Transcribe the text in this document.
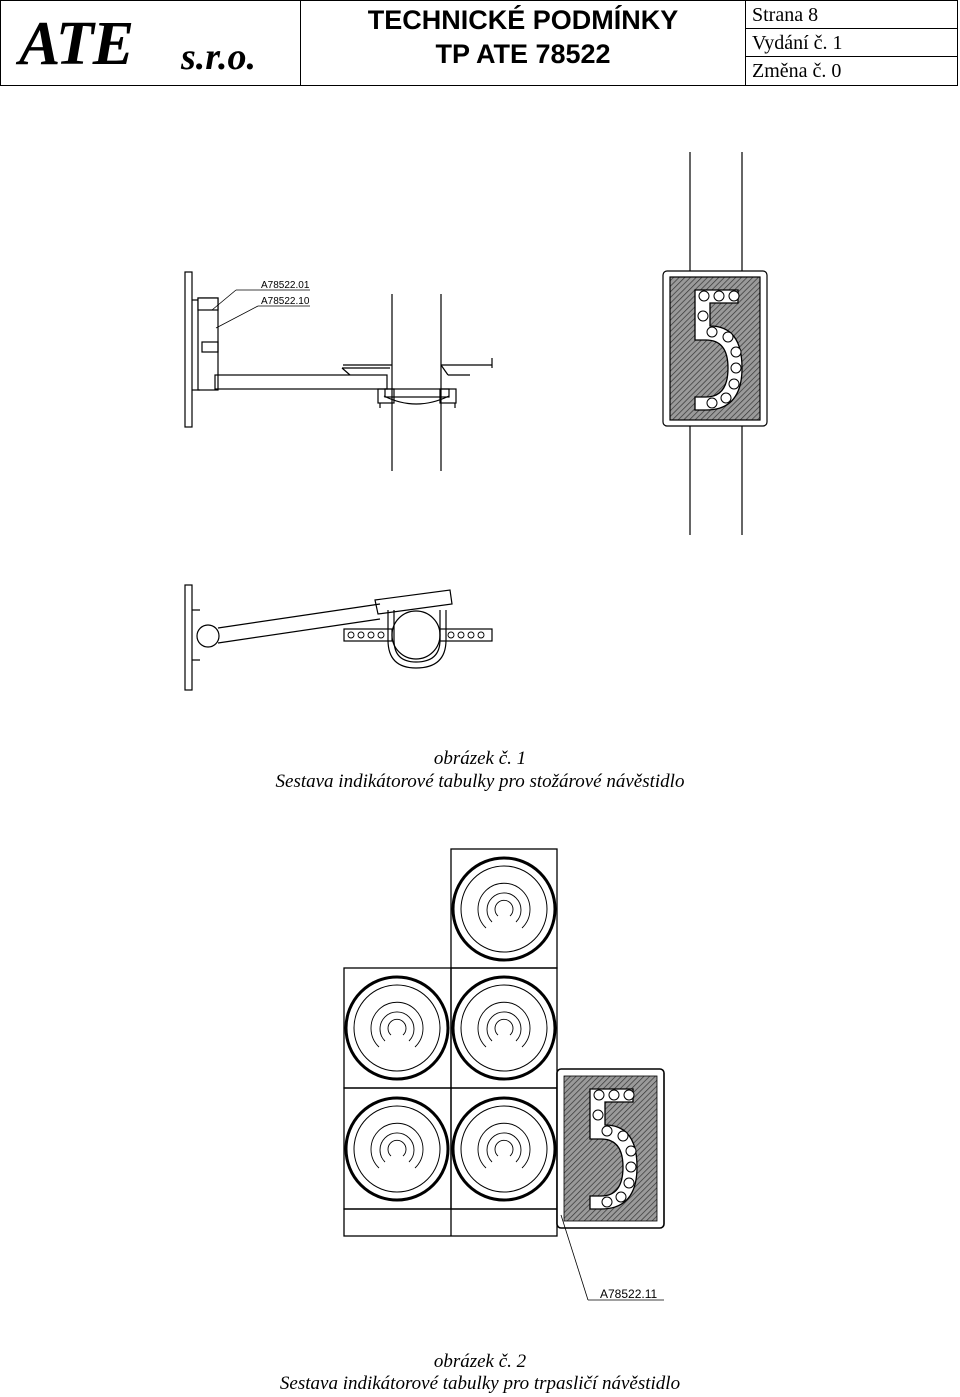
ATE s.r.o.
TECHNICKÉ PODMÍNKY
TP ATE 78522
Strana 8
Vydání č. 1
Změna č. 0
A78522.01
A78522.10
A78522.11
obrázek č. 1
Sestava indikátorové tabulky pro stožárové návěstidlo
obrázek č. 2
Sestava indikátorové tabulky pro trpasličí návěstidlo
